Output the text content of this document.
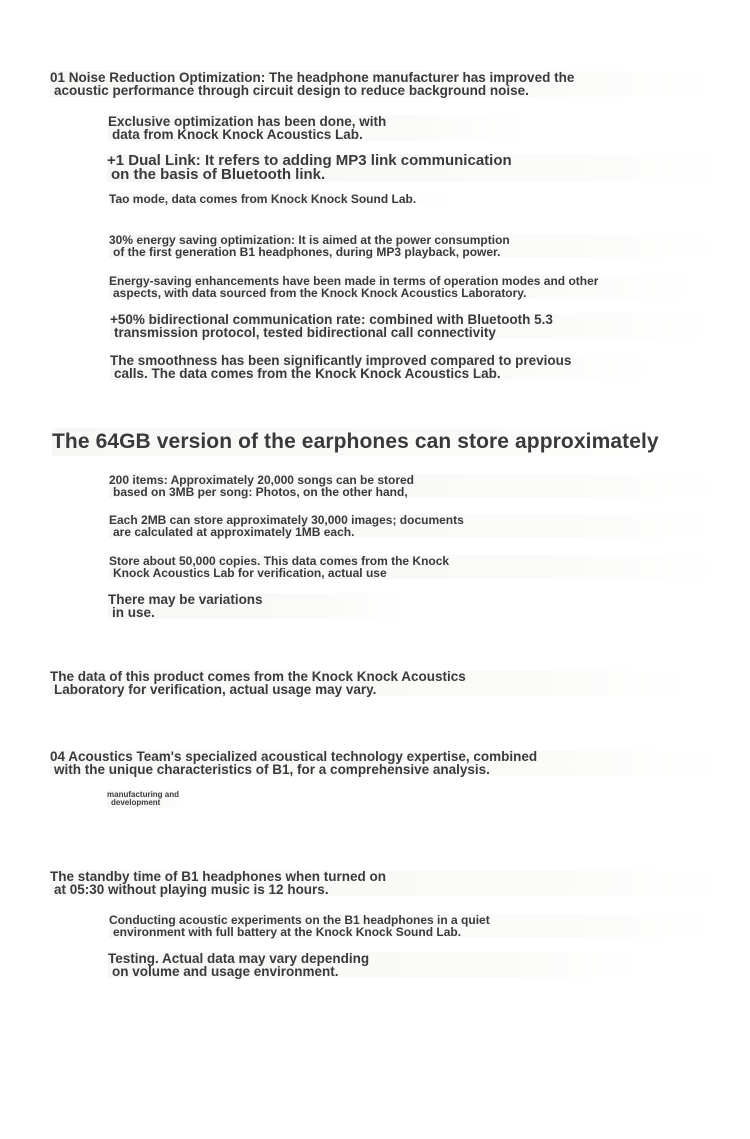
01 Noise Reduction Optimization: The headphone manufacturer has improved the
acoustic performance through circuit design to reduce background noise.
Exclusive optimization has been done, with
data from Knock Knock Acoustics Lab.
+1 Dual Link: It refers to adding MP3 link communication
on the basis of Bluetooth link.
Tao mode, data comes from Knock Knock Sound Lab.
30% energy saving optimization: It is aimed at the power consumption
of the first generation B1 headphones, during MP3 playback, power.
Energy-saving enhancements have been made in terms of operation modes and other
aspects, with data sourced from the Knock Knock Acoustics Laboratory.
+50% bidirectional communication rate: combined with Bluetooth 5.3
transmission protocol, tested bidirectional call connectivity
The smoothness has been significantly improved compared to previous
calls. The data comes from the Knock Knock Acoustics Lab.
The 64GB version of the earphones can store approximately
200 items: Approximately 20,000 songs can be stored
based on 3MB per song: Photos, on the other hand,
Each 2MB can store approximately 30,000 images; documents
are calculated at approximately 1MB each.
Store about 50,000 copies. This data comes from the Knock
Knock Acoustics Lab for verification, actual use
There may be variations
in use.
The data of this product comes from the Knock Knock Acoustics
Laboratory for verification, actual usage may vary.
04 Acoustics Team's specialized acoustical technology expertise, combined
with the unique characteristics of B1, for a comprehensive analysis.
manufacturing and
development
The standby time of B1 headphones when turned on
at 05:30 without playing music is 12 hours.
Conducting acoustic experiments on the B1 headphones in a quiet
environment with full battery at the Knock Knock Sound Lab.
Testing. Actual data may vary depending
on volume and usage environment.
